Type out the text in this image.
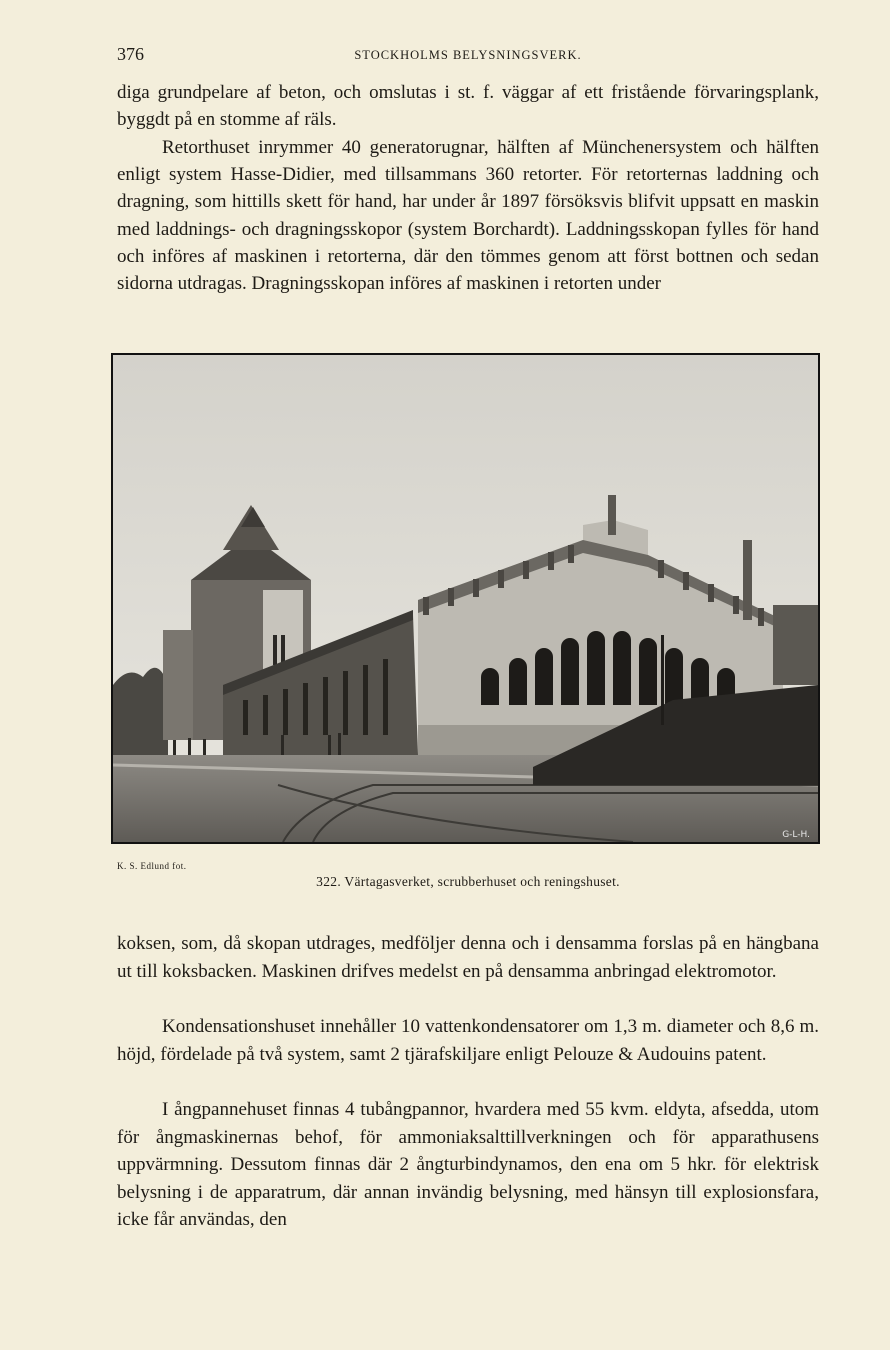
376	STOCKHOLMS BELYSNINGSVERK.

diga grundpelare af beton, och omslutas i st. f. väggar af ett fristående förvaringsplank, byggdt på en stomme af räls.

Retorthuset inrymmer 40 generatorugnar, hälften af Münchenersystem och hälften enligt system Hasse-Didier, med tillsammans 360 retorter. För retorternas laddning och dragning, som hittills skett för hand, har under år 1897 försöksvis blifvit uppsatt en maskin med laddnings- och dragningsskopor (system Borchardt). Laddningsskopan fylles för hand och införes af maskinen i retorterna, där den tömmes genom att först bottnen och sedan sidorna utdragas. Dragningsskopan införes af maskinen i retorten under

G-L-H.
K. S. Edlund fot.
322. Värtagasverket, scrubberhuset och reningshuset.

koksen, som, då skopan utdrages, medföljer denna och i densamma forslas på en hängbana ut till koksbacken. Maskinen drifves medelst en på densamma anbringad elektromotor.

Kondensationshuset innehåller 10 vattenkondensatorer om 1,3 m. diameter och 8,6 m. höjd, fördelade på två system, samt 2 tjärafskiljare enligt Pelouze & Audouins patent.

I ångpannehuset finnas 4 tubångpannor, hvardera med 55 kvm. eldyta, afsedda, utom för ångmaskinernas behof, för ammoniaksalttillverkningen och för apparathusens uppvärmning. Dessutom finnas där 2 ångturbindynamos, den ena om 5 hkr. för elektrisk belysning i de apparatrum, där annan invändig belysning, med hänsyn till explosionsfara, icke får användas, den
